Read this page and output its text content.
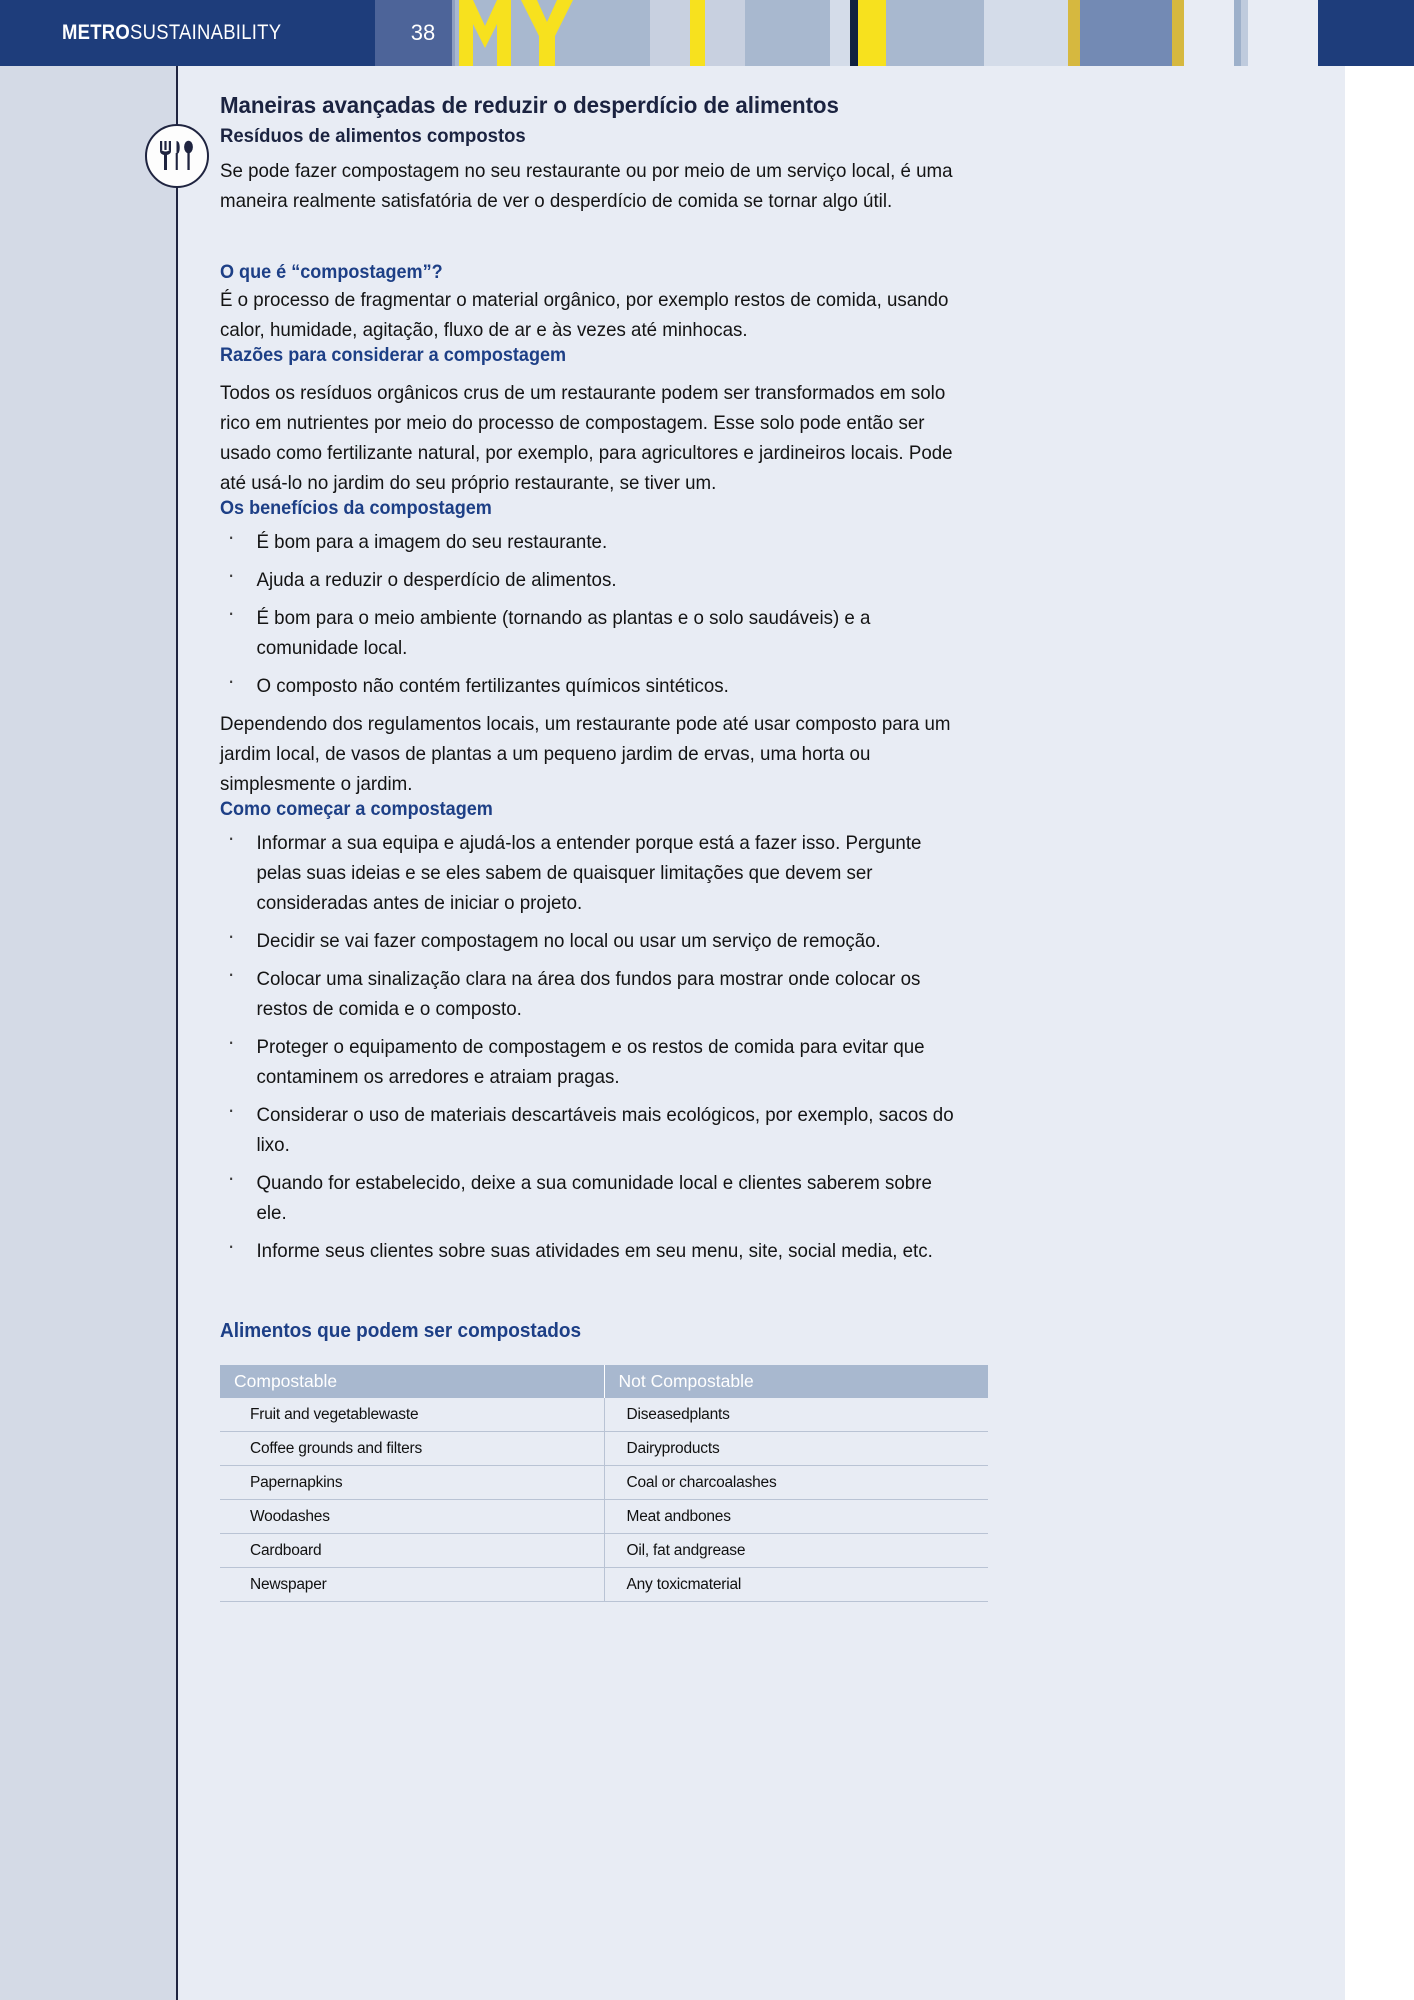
METRO SUSTAINABILITY	38
Maneiras avançadas de reduzir o desperdício de alimentos
Resíduos de alimentos compostos

Se pode fazer compostagem no seu restaurante ou por meio de um serviço local, é uma maneira realmente satisfatória de ver o desperdício de comida se tornar algo útil.

O que é “compostagem”?

É o processo de fragmentar o material orgânico, por exemplo restos de comida, usando calor, humidade, agitação, fluxo de ar e às vezes até minhocas.

Razões para considerar a compostagem

Todos os resíduos orgânicos crus de um restaurante podem ser transformados em solo rico em nutrientes por meio do processo de compostagem. Esse solo pode então ser usado como fertilizante natural, por exemplo, para agricultores e jardineiros locais. Pode até usá-lo no jardim do seu próprio restaurante, se tiver um.

Os benefícios da compostagem
· É bom para a imagem do seu restaurante.
· Ajuda a reduzir o desperdício de alimentos.
· É bom para o meio ambiente (tornando as plantas e o solo saudáveis) e a comunidade local.
· O composto não contém fertilizantes químicos sintéticos.

Dependendo dos regulamentos locais, um restaurante pode até usar composto para um jardim local, de vasos de plantas a um pequeno jardim de ervas, uma horta ou simplesmente o jardim.

Como começar a compostagem
· Informar a sua equipa e ajudá-los a entender porque está a fazer isso. Pergunte pelas suas ideias e se eles sabem de quaisquer limitações que devem ser consideradas antes de iniciar o projeto.
· Decidir se vai fazer compostagem no local ou usar um serviço de remoção.
· Colocar uma sinalização clara na área dos fundos para mostrar onde colocar os restos de comida e o composto.
· Proteger o equipamento de compostagem e os restos de comida para evitar que contaminem os arredores e atraiam pragas.
· Considerar o uso de materiais descartáveis mais ecológicos, por exemplo, sacos do lixo.
· Quando for estabelecido, deixe a sua comunidade local e clientes saberem sobre ele.
· Informe seus clientes sobre suas atividades em seu menu, site, social media, etc.
Alimentos que podem ser compostados
Compostable	Not Compostable
Fruit and vegetablewaste	Diseasedplants
Coffee grounds and filters	Dairyproducts
Papernapkins	Coal or charcoalashes
Woodashes	Meat andbones
Cardboard	Oil, fat andgrease
Newspaper	Any toxicmaterial
